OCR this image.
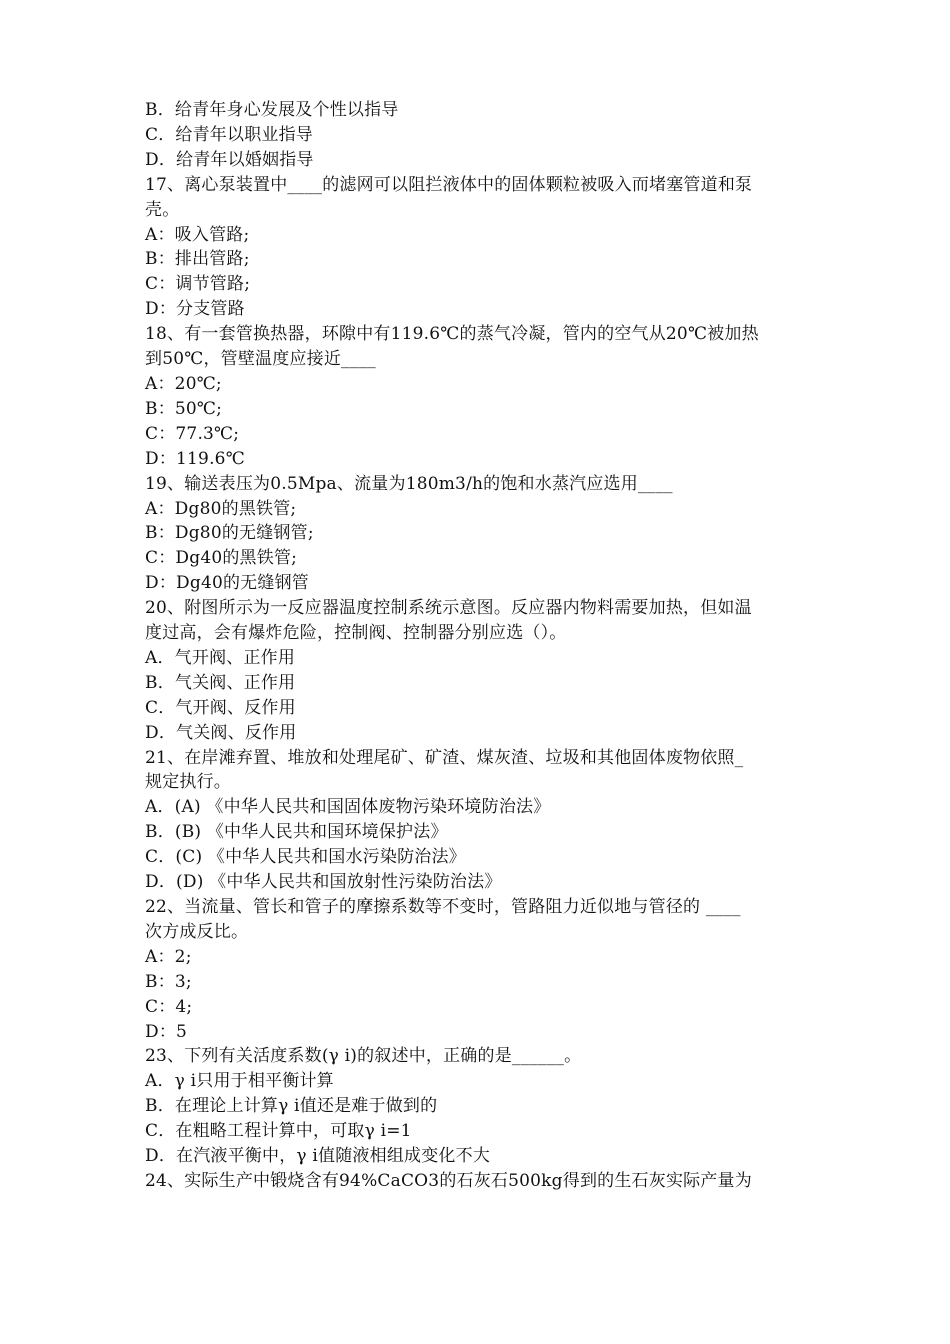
B．给青年身心发展及个性以指导
C．给青年以职业指导
D．给青年以婚姻指导
17、离心泵装置中____的滤网可以阻拦液体中的固体颗粒被吸入而堵塞管道和泵
壳。
A：吸入管路;
B：排出管路;
C：调节管路;
D：分支管路
18、有一套管换热器，环隙中有119.6℃的蒸气冷凝，管内的空气从20℃被加热
到50℃，管壁温度应接近____
A：20℃;
B：50℃;
C：77.3℃;
D：119.6℃
19、输送表压为0.5Mpa、流量为180m3/h的饱和水蒸汽应选用____
A：Dg80的黑铁管;
B：Dg80的无缝钢管;
C：Dg40的黑铁管;
D：Dg40的无缝钢管
20、附图所示为一反应器温度控制系统示意图。反应器内物料需要加热，但如温
度过高，会有爆炸危险，控制阀、控制器分别应选（）。
A．气开阀、正作用
B．气关阀、正作用
C．气开阀、反作用
D．气关阀、反作用
21、在岸滩弃置、堆放和处理尾矿、矿渣、煤灰渣、垃圾和其他固体废物依照_
规定执行。
A．(A) 《中华人民共和国固体废物污染环境防治法》
B．(B) 《中华人民共和国环境保护法》
C．(C) 《中华人民共和国水污染防治法》
D．(D) 《中华人民共和国放射性污染防治法》
22、当流量、管长和管子的摩擦系数等不变时，管路阻力近似地与管径的 ____
次方成反比。
A：2;
B：3;
C：4;
D：5
23、下列有关活度系数(γ i)的叙述中，正确的是______。
A．γ i只用于相平衡计算
B．在理论上计算γ i值还是难于做到的
C．在粗略工程计算中，可取γ i=1
D．在汽液平衡中，γ i值随液相组成变化不大
24、实际生产中锻烧含有94%CaCO3的石灰石500kg得到的生石灰实际产量为
